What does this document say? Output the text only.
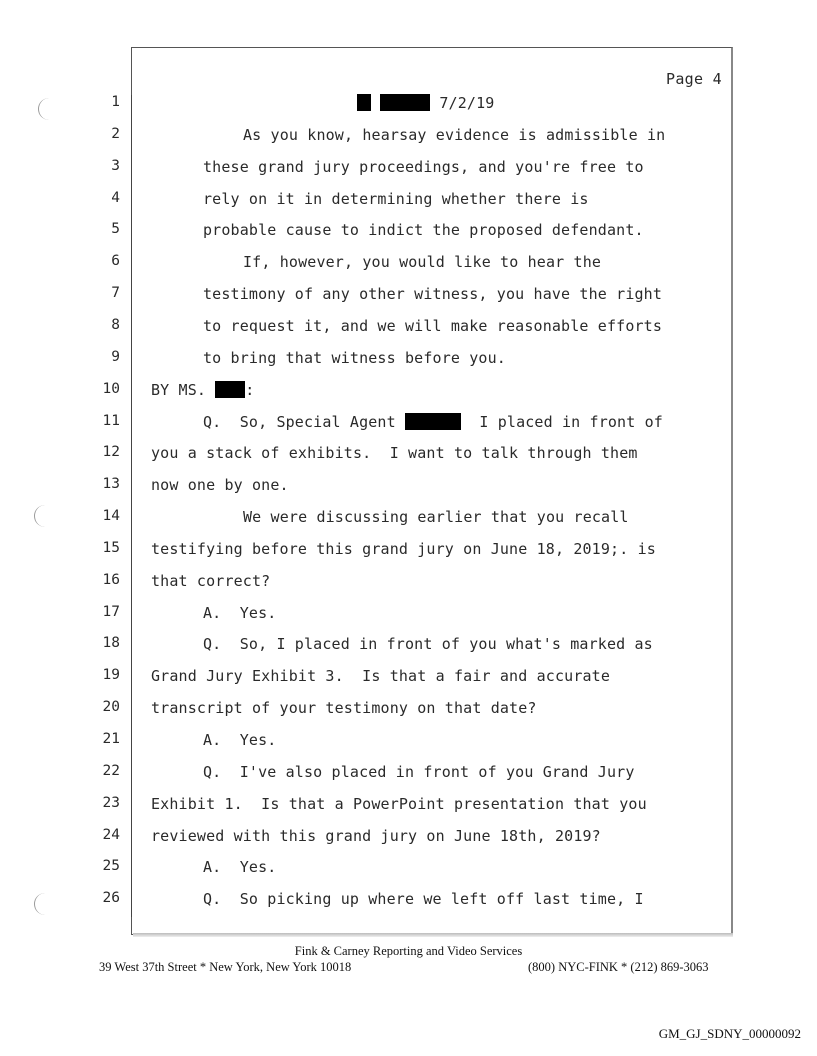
Page 4
1	7/2/19
2	As you know, hearsay evidence is admissible in
3	these grand jury proceedings, and you're free to
4	rely on it in determining whether there is
5	probable cause to indict the proposed defendant.
6	If, however, you would like to hear the
7	testimony of any other witness, you have the right
8	to request it, and we will make reasonable efforts
9	to bring that witness before you.
10 BY MS. :
11	Q.  So, Special Agent	I placed in front of
12 you a stack of exhibits.  I want to talk through them
13 now one by one.
14	We were discussing earlier that you recall
15 testifying before this grand jury on June 18, 2019;. is
16 that correct?
17	A.  Yes.
18	Q.  So, I placed in front of you what's marked as
19 Grand Jury Exhibit 3.  Is that a fair and accurate
20 transcript of your testimony on that date?
21	A.  Yes.
22	Q.  I've also placed in front of you Grand Jury
23 Exhibit 1.  Is that a PowerPoint presentation that you
24 reviewed with this grand jury on June 18th, 2019?
25	A.  Yes.
26	Q.  So picking up where we left off last time, I
Fink & Carney Reporting and Video Services
39 West 37th Street * New York, New York 10018	(800) NYC-FINK * (212) 869-3063
GM_GJ_SDNY_00000092
